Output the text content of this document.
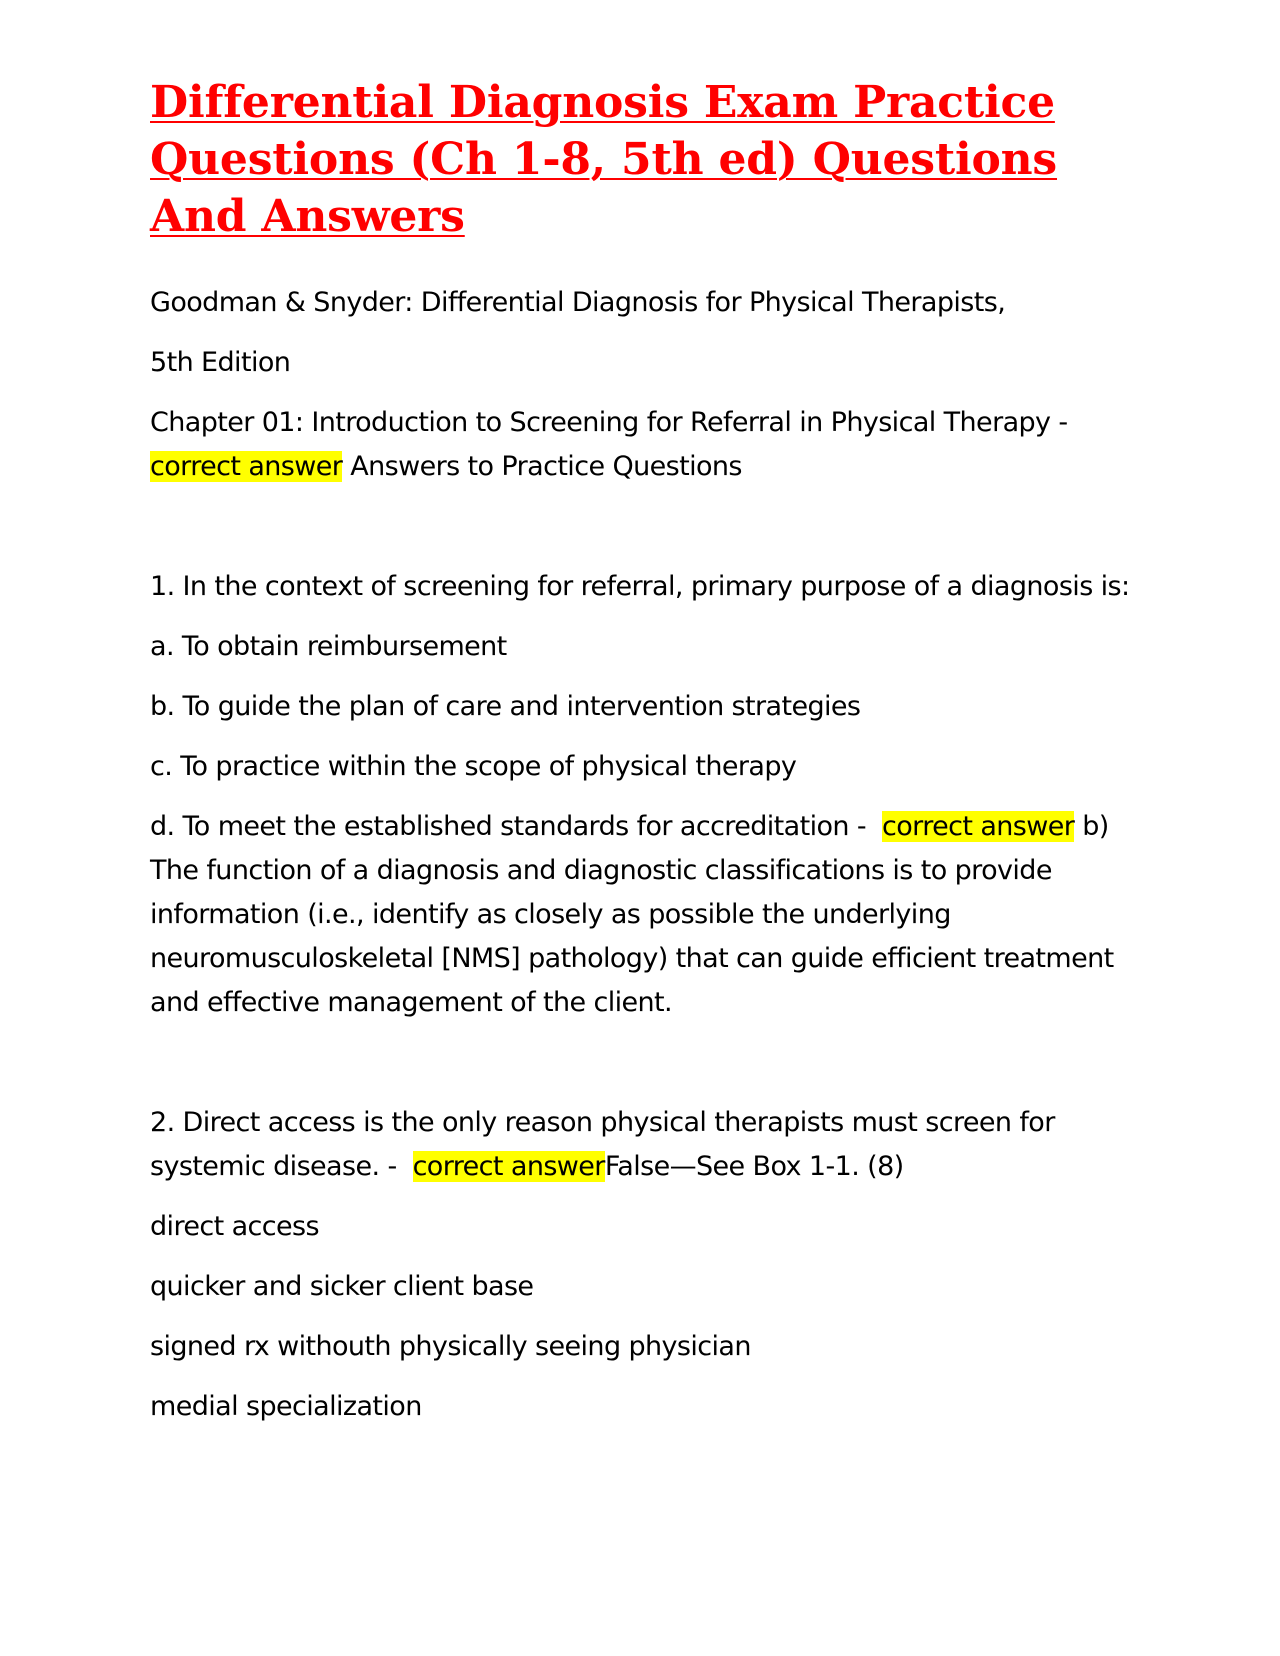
Differential Diagnosis Exam Practice Questions (Ch 1-8, 5th ed) Questions And Answers

Goodman & Snyder: Differential Diagnosis for Physical Therapists,

5th Edition

Chapter 01: Introduction to Screening for Referral in Physical Therapy -
correct answer Answers to Practice Questions

1. In the context of screening for referral, primary purpose of a diagnosis is:

a. To obtain reimbursement

b. To guide the plan of care and intervention strategies

c. To practice within the scope of physical therapy

d. To meet the established standards for accreditation -  correct answer b) The function of a diagnosis and diagnostic classifications is to provide information (i.e., identify as closely as possible the underlying neuromusculoskeletal [NMS] pathology) that can guide efficient treatment and effective management of the client.

2. Direct access is the only reason physical therapists must screen for systemic disease. -  correct answerFalse—See Box 1-1. (8)

direct access

quicker and sicker client base

signed rx withouth physically seeing physician

medial specialization
